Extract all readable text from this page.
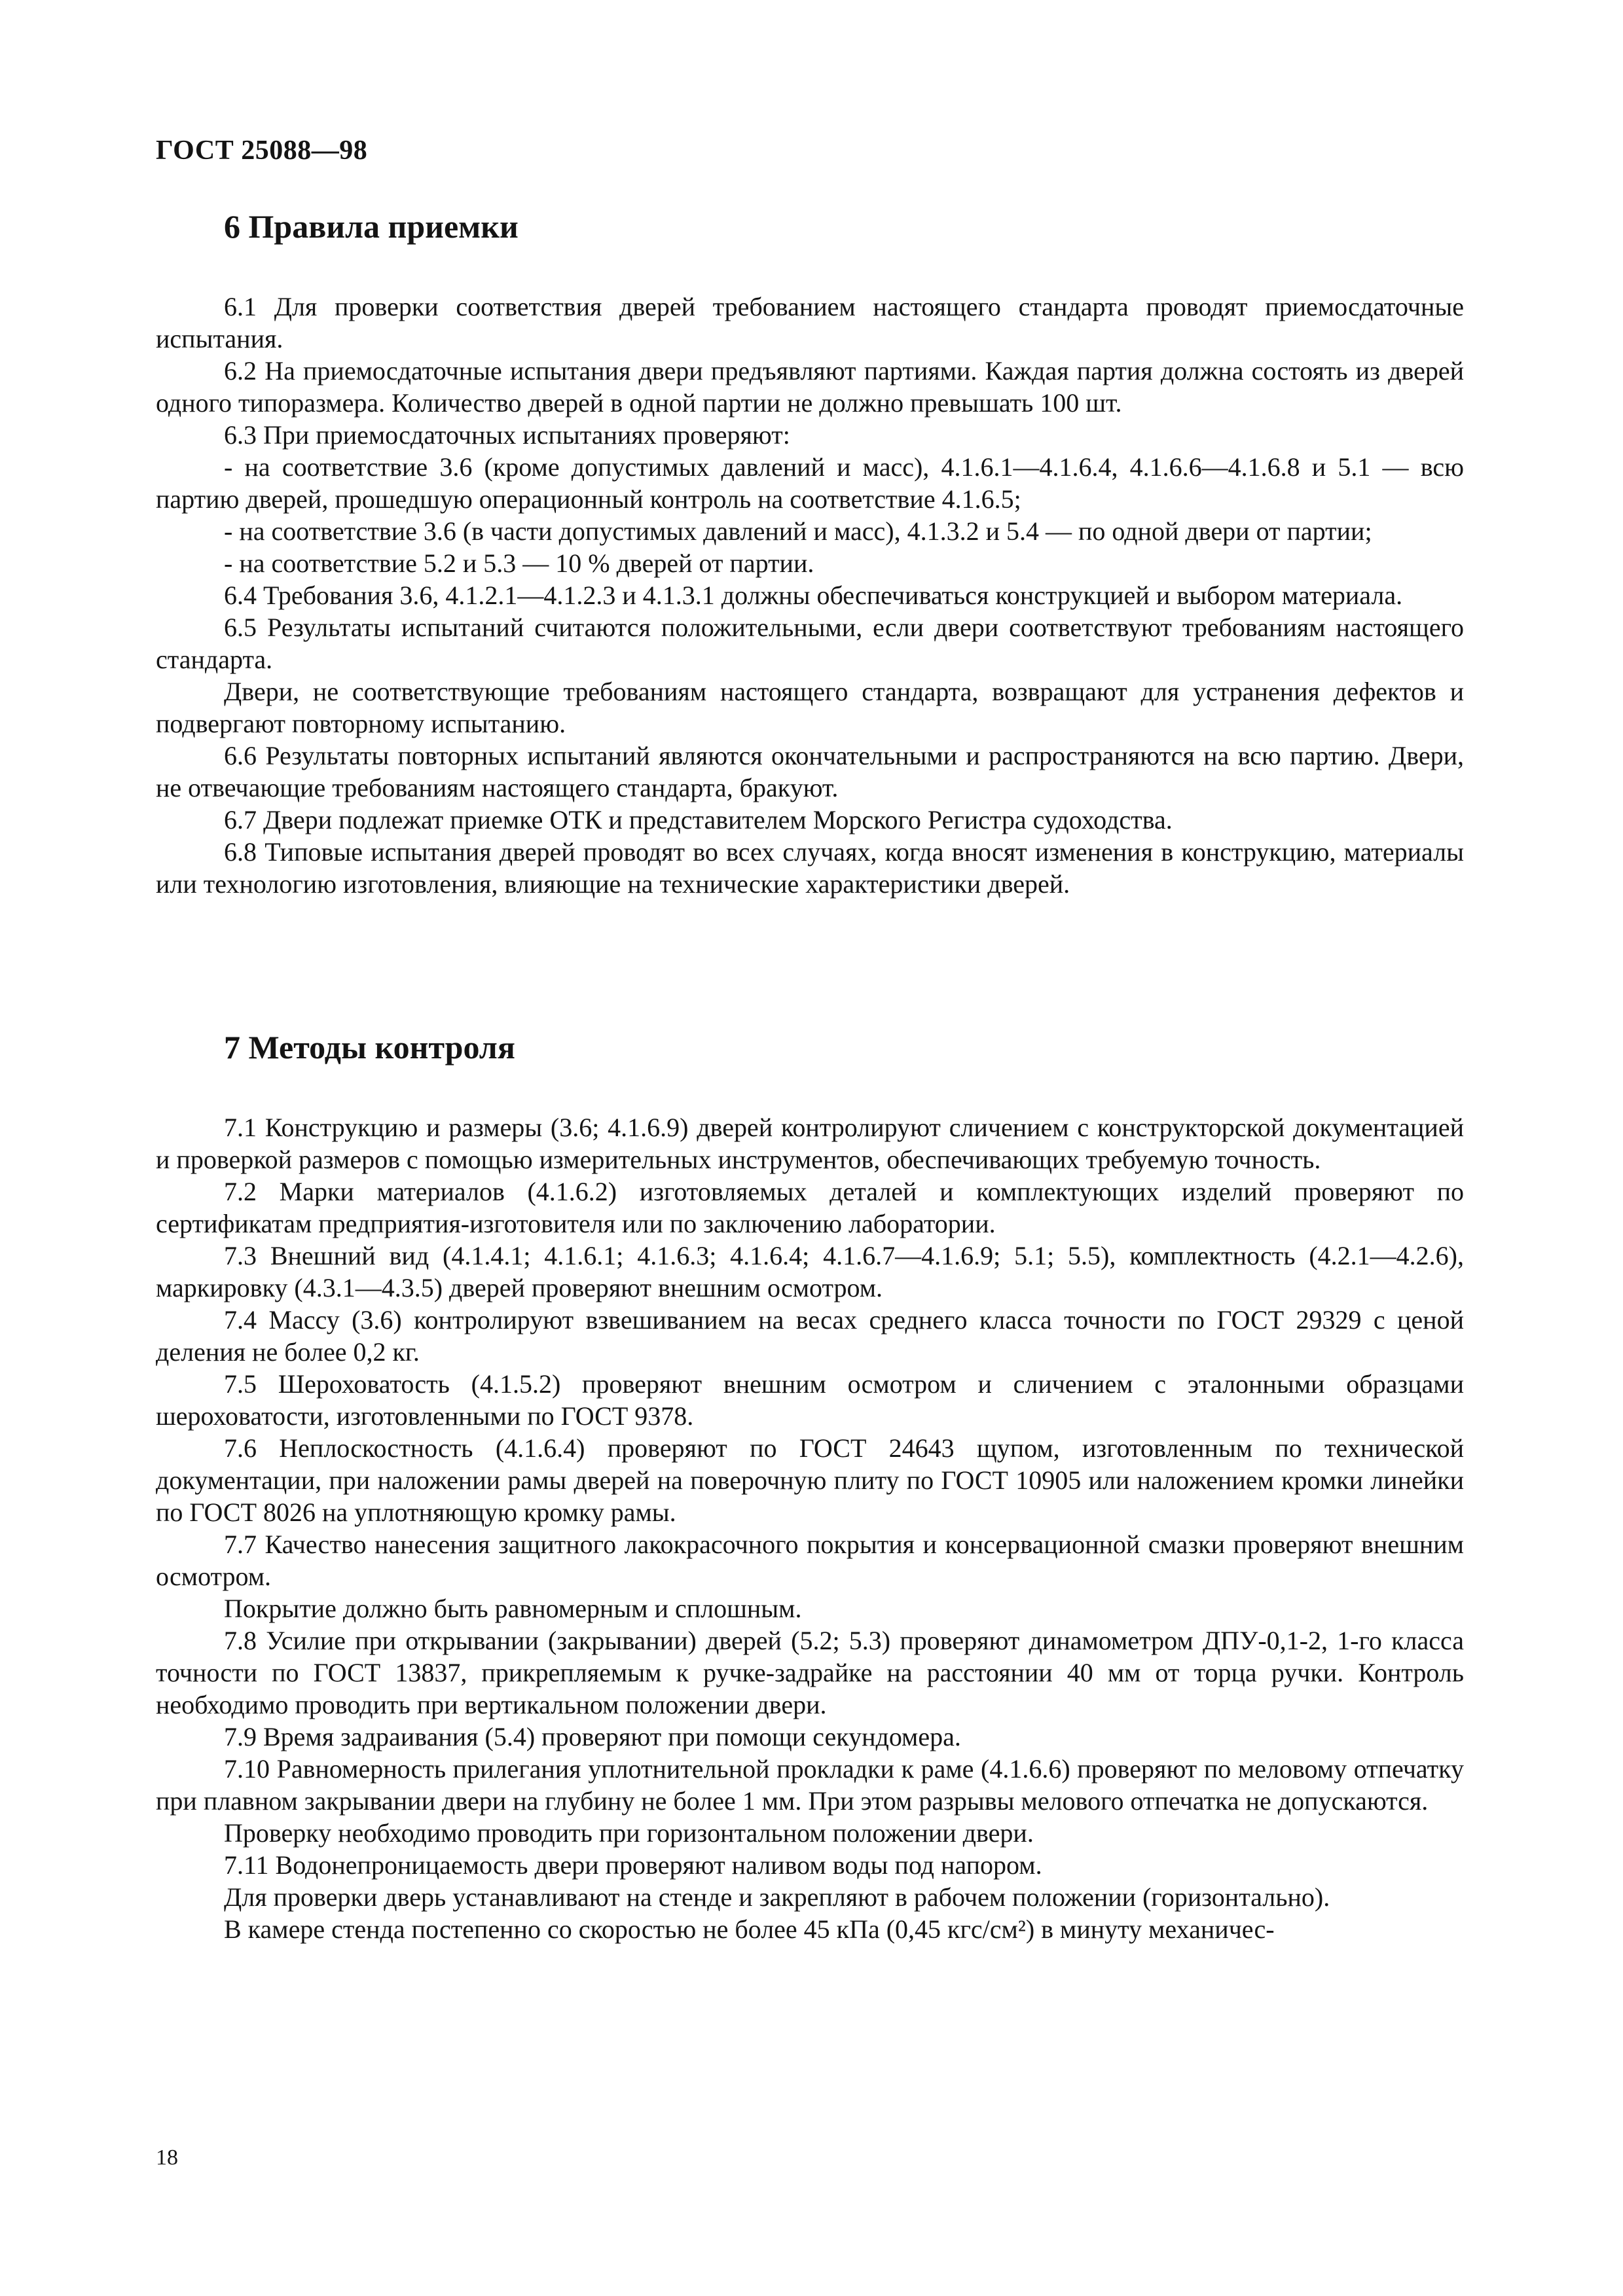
ГОСТ 25088—98

6 Правила приемки

6.1 Для проверки соответствия дверей требованием настоящего стандарта проводят приемосдаточные испытания.

6.2 На приемосдаточные испытания двери предъявляют партиями. Каждая партия должна состоять из дверей одного типоразмера. Количество дверей в одной партии не должно превышать 100 шт.

6.3 При приемосдаточных испытаниях проверяют:

- на соответствие 3.6 (кроме допустимых давлений и масс), 4.1.6.1—4.1.6.4, 4.1.6.6—4.1.6.8 и 5.1 — всю партию дверей, прошедшую операционный контроль на соответствие 4.1.6.5;

- на соответствие 3.6 (в части допустимых давлений и масс), 4.1.3.2 и 5.4 — по одной двери от партии;

- на соответствие 5.2 и 5.3 — 10 % дверей от партии.

6.4 Требования 3.6, 4.1.2.1—4.1.2.3 и 4.1.3.1 должны обеспечиваться конструкцией и выбором материала.

6.5 Результаты испытаний считаются положительными, если двери соответствуют требованиям настоящего стандарта.

Двери, не соответствующие требованиям настоящего стандарта, возвращают для устранения дефектов и подвергают повторному испытанию.

6.6 Результаты повторных испытаний являются окончательными и распространяются на всю партию. Двери, не отвечающие требованиям настоящего стандарта, бракуют.

6.7 Двери подлежат приемке ОТК и представителем Морского Регистра судоходства.

6.8 Типовые испытания дверей проводят во всех случаях, когда вносят изменения в конструкцию, материалы или технологию изготовления, влияющие на технические характеристики дверей.

7 Методы контроля

7.1 Конструкцию и размеры (3.6; 4.1.6.9) дверей контролируют сличением с конструкторской документацией и проверкой размеров с помощью измерительных инструментов, обеспечивающих требуемую точность.

7.2 Марки материалов (4.1.6.2) изготовляемых деталей и комплектующих изделий проверяют по сертификатам предприятия-изготовителя или по заключению лаборатории.

7.3 Внешний вид (4.1.4.1; 4.1.6.1; 4.1.6.3; 4.1.6.4; 4.1.6.7—4.1.6.9; 5.1; 5.5), комплектность (4.2.1—4.2.6), маркировку (4.3.1—4.3.5) дверей проверяют внешним осмотром.

7.4 Массу (3.6) контролируют взвешиванием на весах среднего класса точности по ГОСТ 29329 с ценой деления не более 0,2 кг.

7.5 Шероховатость (4.1.5.2) проверяют внешним осмотром и сличением с эталонными образцами шероховатости, изготовленными по ГОСТ 9378.

7.6 Неплоскостность (4.1.6.4) проверяют по ГОСТ 24643 щупом, изготовленным по технической документации, при наложении рамы дверей на поверочную плиту по ГОСТ 10905 или наложением кромки линейки по ГОСТ 8026 на уплотняющую кромку рамы.

7.7 Качество нанесения защитного лакокрасочного покрытия и консервационной смазки проверяют внешним осмотром.

Покрытие должно быть равномерным и сплошным.

7.8 Усилие при открывании (закрывании) дверей (5.2; 5.3) проверяют динамометром ДПУ-0,1-2, 1-го класса точности по ГОСТ 13837, прикрепляемым к ручке-задрайке на расстоянии 40 мм от торца ручки. Контроль необходимо проводить при вертикальном положении двери.

7.9 Время задраивания (5.4) проверяют при помощи секундомера.

7.10 Равномерность прилегания уплотнительной прокладки к раме (4.1.6.6) проверяют по меловому отпечатку при плавном закрывании двери на глубину не более 1 мм. При этом разрывы мелового отпечатка не допускаются.

Проверку необходимо проводить при горизонтальном положении двери.

7.11 Водонепроницаемость двери проверяют наливом воды под напором.

Для проверки дверь устанавливают на стенде и закрепляют в рабочем положении (горизонтально).

В камере стенда постепенно со скоростью не более 45 кПа (0,45 кгс/см²) в минуту механичес-

18
